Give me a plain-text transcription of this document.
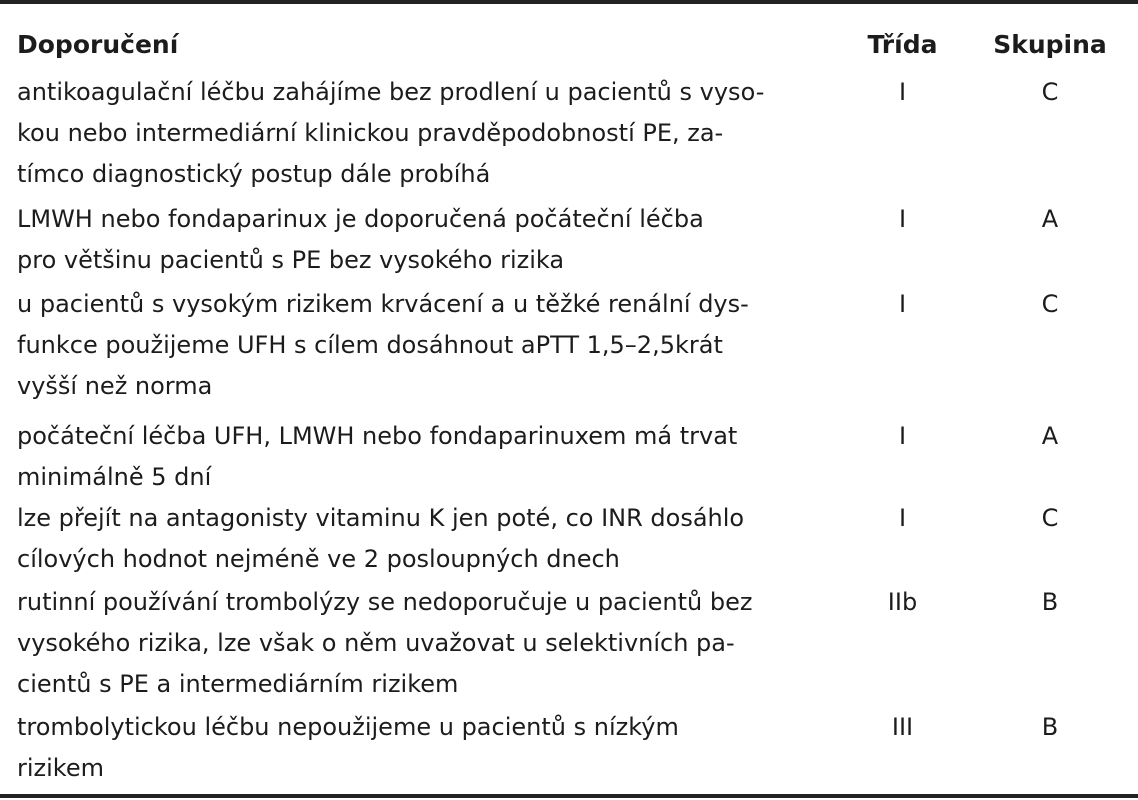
Doporučení	Třída	Skupina
antikoagulační léčbu zahájíme bez prodlení u pacientů s vyso-
kou nebo intermediární klinickou pravděpodobností PE, za-
tímco diagnostický postup dále probíhá
I	C
LMWH nebo fondaparinux je doporučená počáteční léčba
pro většinu pacientů s PE bez vysokého rizika
I	A
u pacientů s vysokým rizikem krvácení a u těžké renální dys-
funkce použijeme UFH s cílem dosáhnout aPTT 1,5–2,5krát
vyšší než norma
I	C
počáteční léčba UFH, LMWH nebo fondaparinuxem má trvat
minimálně 5 dní
I	A
lze přejít na antagonisty vitaminu K jen poté, co INR dosáhlo
cílových hodnot nejméně ve 2 posloupných dnech
I	C
rutinní používání trombolýzy se nedoporučuje u pacientů bez
vysokého rizika, lze však o něm uvažovat u selektivních pa-
cientů s PE a intermediárním rizikem
IIb	B
trombolytickou léčbu nepoužijeme u pacientů s nízkým
rizikem
III	B
